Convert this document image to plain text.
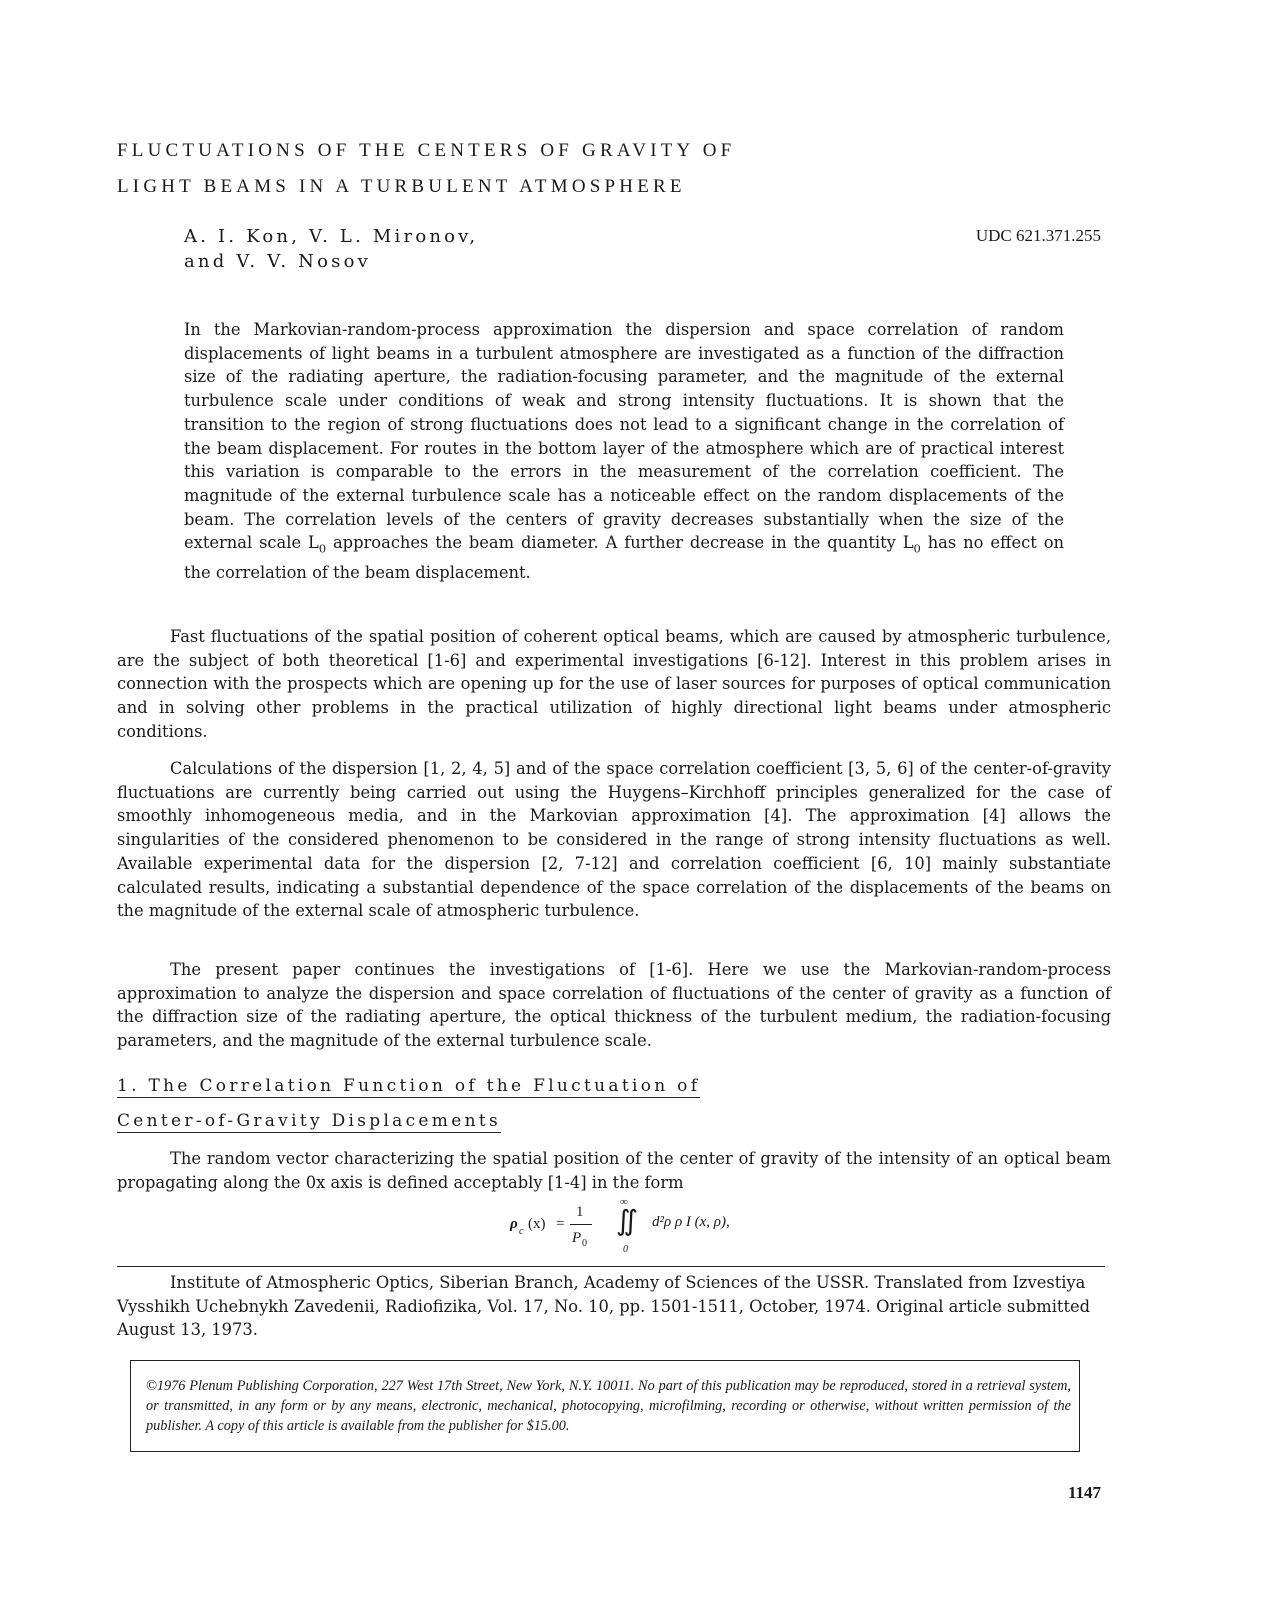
FLUCTUATIONS OF THE CENTERS OF GRAVITY OF
LIGHT BEAMS IN A TURBULENT ATMOSPHERE
A. I. Kon, V. L. Mironov,
and V. V. Nosov
UDC 621.371.255
In the Markovian-random-process approximation the dispersion and space correlation of random displacements of light beams in a turbulent atmosphere are investigated as a function of the diffraction size of the radiating aperture, the radiation-focusing parameter, and the magnitude of the external turbulence scale under conditions of weak and strong intensity fluctuations. It is shown that the transition to the region of strong fluctuations does not lead to a significant change in the correlation of the beam displacement. For routes in the bottom layer of the atmosphere which are of practical interest this variation is comparable to the errors in the measurement of the correlation coefficient. The magnitude of the external turbulence scale has a noticeable effect on the random displacements of the beam. The correlation levels of the centers of gravity decreases substantially when the size of the external scale $L_0$ approaches the beam diameter. A further decrease in the quantity $L_0$ has no effect on the correlation of the beam displacement.
Fast fluctuations of the spatial position of coherent optical beams, which are caused by atmospheric turbulence, are the subject of both theoretical [1-6] and experimental investigations [6-12]. Interest in this problem arises in connection with the prospects which are opening up for the use of laser sources for purposes of optical communication and in solving other problems in the practical utilization of highly directional light beams under atmospheric conditions.
Calculations of the dispersion [1, 2, 4, 5] and of the space correlation coefficient [3, 5, 6] of the center-of-gravity fluctuations are currently being carried out using the Huygens–Kirchhoff principles generalized for the case of smoothly inhomogeneous media, and in the Markovian approximation [4]. The approximation [4] allows the singularities of the considered phenomenon to be considered in the range of strong intensity fluctuations as well. Available experimental data for the dispersion [2, 7-12] and correlation coefficient [6, 10] mainly substantiate calculated results, indicating a substantial dependence of the space correlation of the displacements of the beams on the magnitude of the external scale of atmospheric turbulence.
The present paper continues the investigations of [1-6]. Here we use the Markovian-random-process approximation to analyze the dispersion and space correlation of fluctuations of the center of gravity as a function of the diffraction size of the radiating aperture, the optical thickness of the turbulent medium, the radiation-focusing parameters, and the magnitude of the external turbulence scale.
1. The Correlation Function of the Fluctuation of
Center-of-Gravity Displacements
The random vector characterizing the spatial position of the center of gravity of the intensity of an optical beam propagating along the 0x axis is defined acceptably [1-4] in the form
ρ c (x) =
1
P 0
∞
∬
0
d²ρ ρ I (x, ρ),
Institute of Atmospheric Optics, Siberian Branch, Academy of Sciences of the USSR. Translated from Izvestiya Vysshikh Uchebnykh Zavedenii, Radiofizika, Vol. 17, No. 10, pp. 1501-1511, October, 1974. Original article submitted August 13, 1973.
©1976 Plenum Publishing Corporation, 227 West 17th Street, New York, N.Y. 10011. No part of this publication may be reproduced, stored in a retrieval system, or transmitted, in any form or by any means, electronic, mechanical, photocopying, microfilming, recording or otherwise, without written permission of the publisher. A copy of this article is available from the publisher for $15.00.
1147
